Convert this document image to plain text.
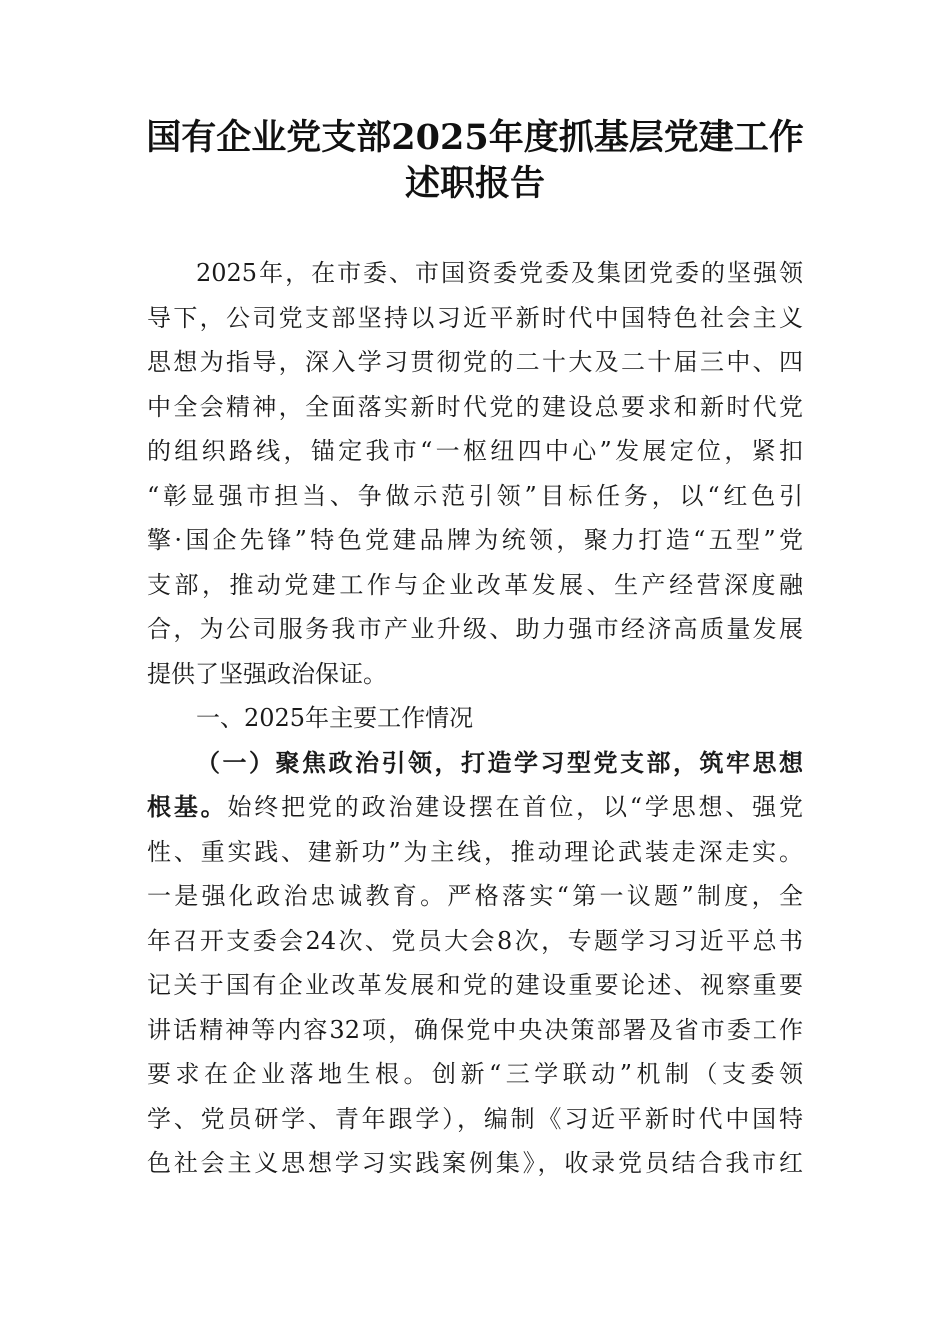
国有企业党支部2025年度抓基层党建工作
述职报告
2025年，在市委、市国资委党委及集团党委的坚强领
导下，公司党支部坚持以习近平新时代中国特色社会主义
思想为指导，深入学习贯彻党的二十大及二十届三中、四
中全会精神，全面落实新时代党的建设总要求和新时代党
的组织路线，锚定我市“一枢纽四中心”发展定位，紧扣
“彰显强市担当、争做示范引领”目标任务，以“红色引
擎·国企先锋”特色党建品牌为统领，聚力打造“五型”党
支部，推动党建工作与企业改革发展、生产经营深度融
合，为公司服务我市产业升级、助力强市经济高质量发展
提供了坚强政治保证。
一、2025年主要工作情况
（一）聚焦政治引领，打造学习型党支部，筑牢思想
根基。始终把党的政治建设摆在首位，以“学思想、强党
性、重实践、建新功”为主线，推动理论武装走深走实。
一是强化政治忠诚教育。严格落实“第一议题”制度，全
年召开支委会24次、党员大会8次，专题学习习近平总书
记关于国有企业改革发展和党的建设重要论述、视察重要
讲话精神等内容32项，确保党中央决策部署及省市委工作
要求在企业落地生根。创新“三学联动”机制（支委领
学、党员研学、青年跟学），编制《习近平新时代中国特
色社会主义思想学习实践案例集》，收录党员结合我市红
